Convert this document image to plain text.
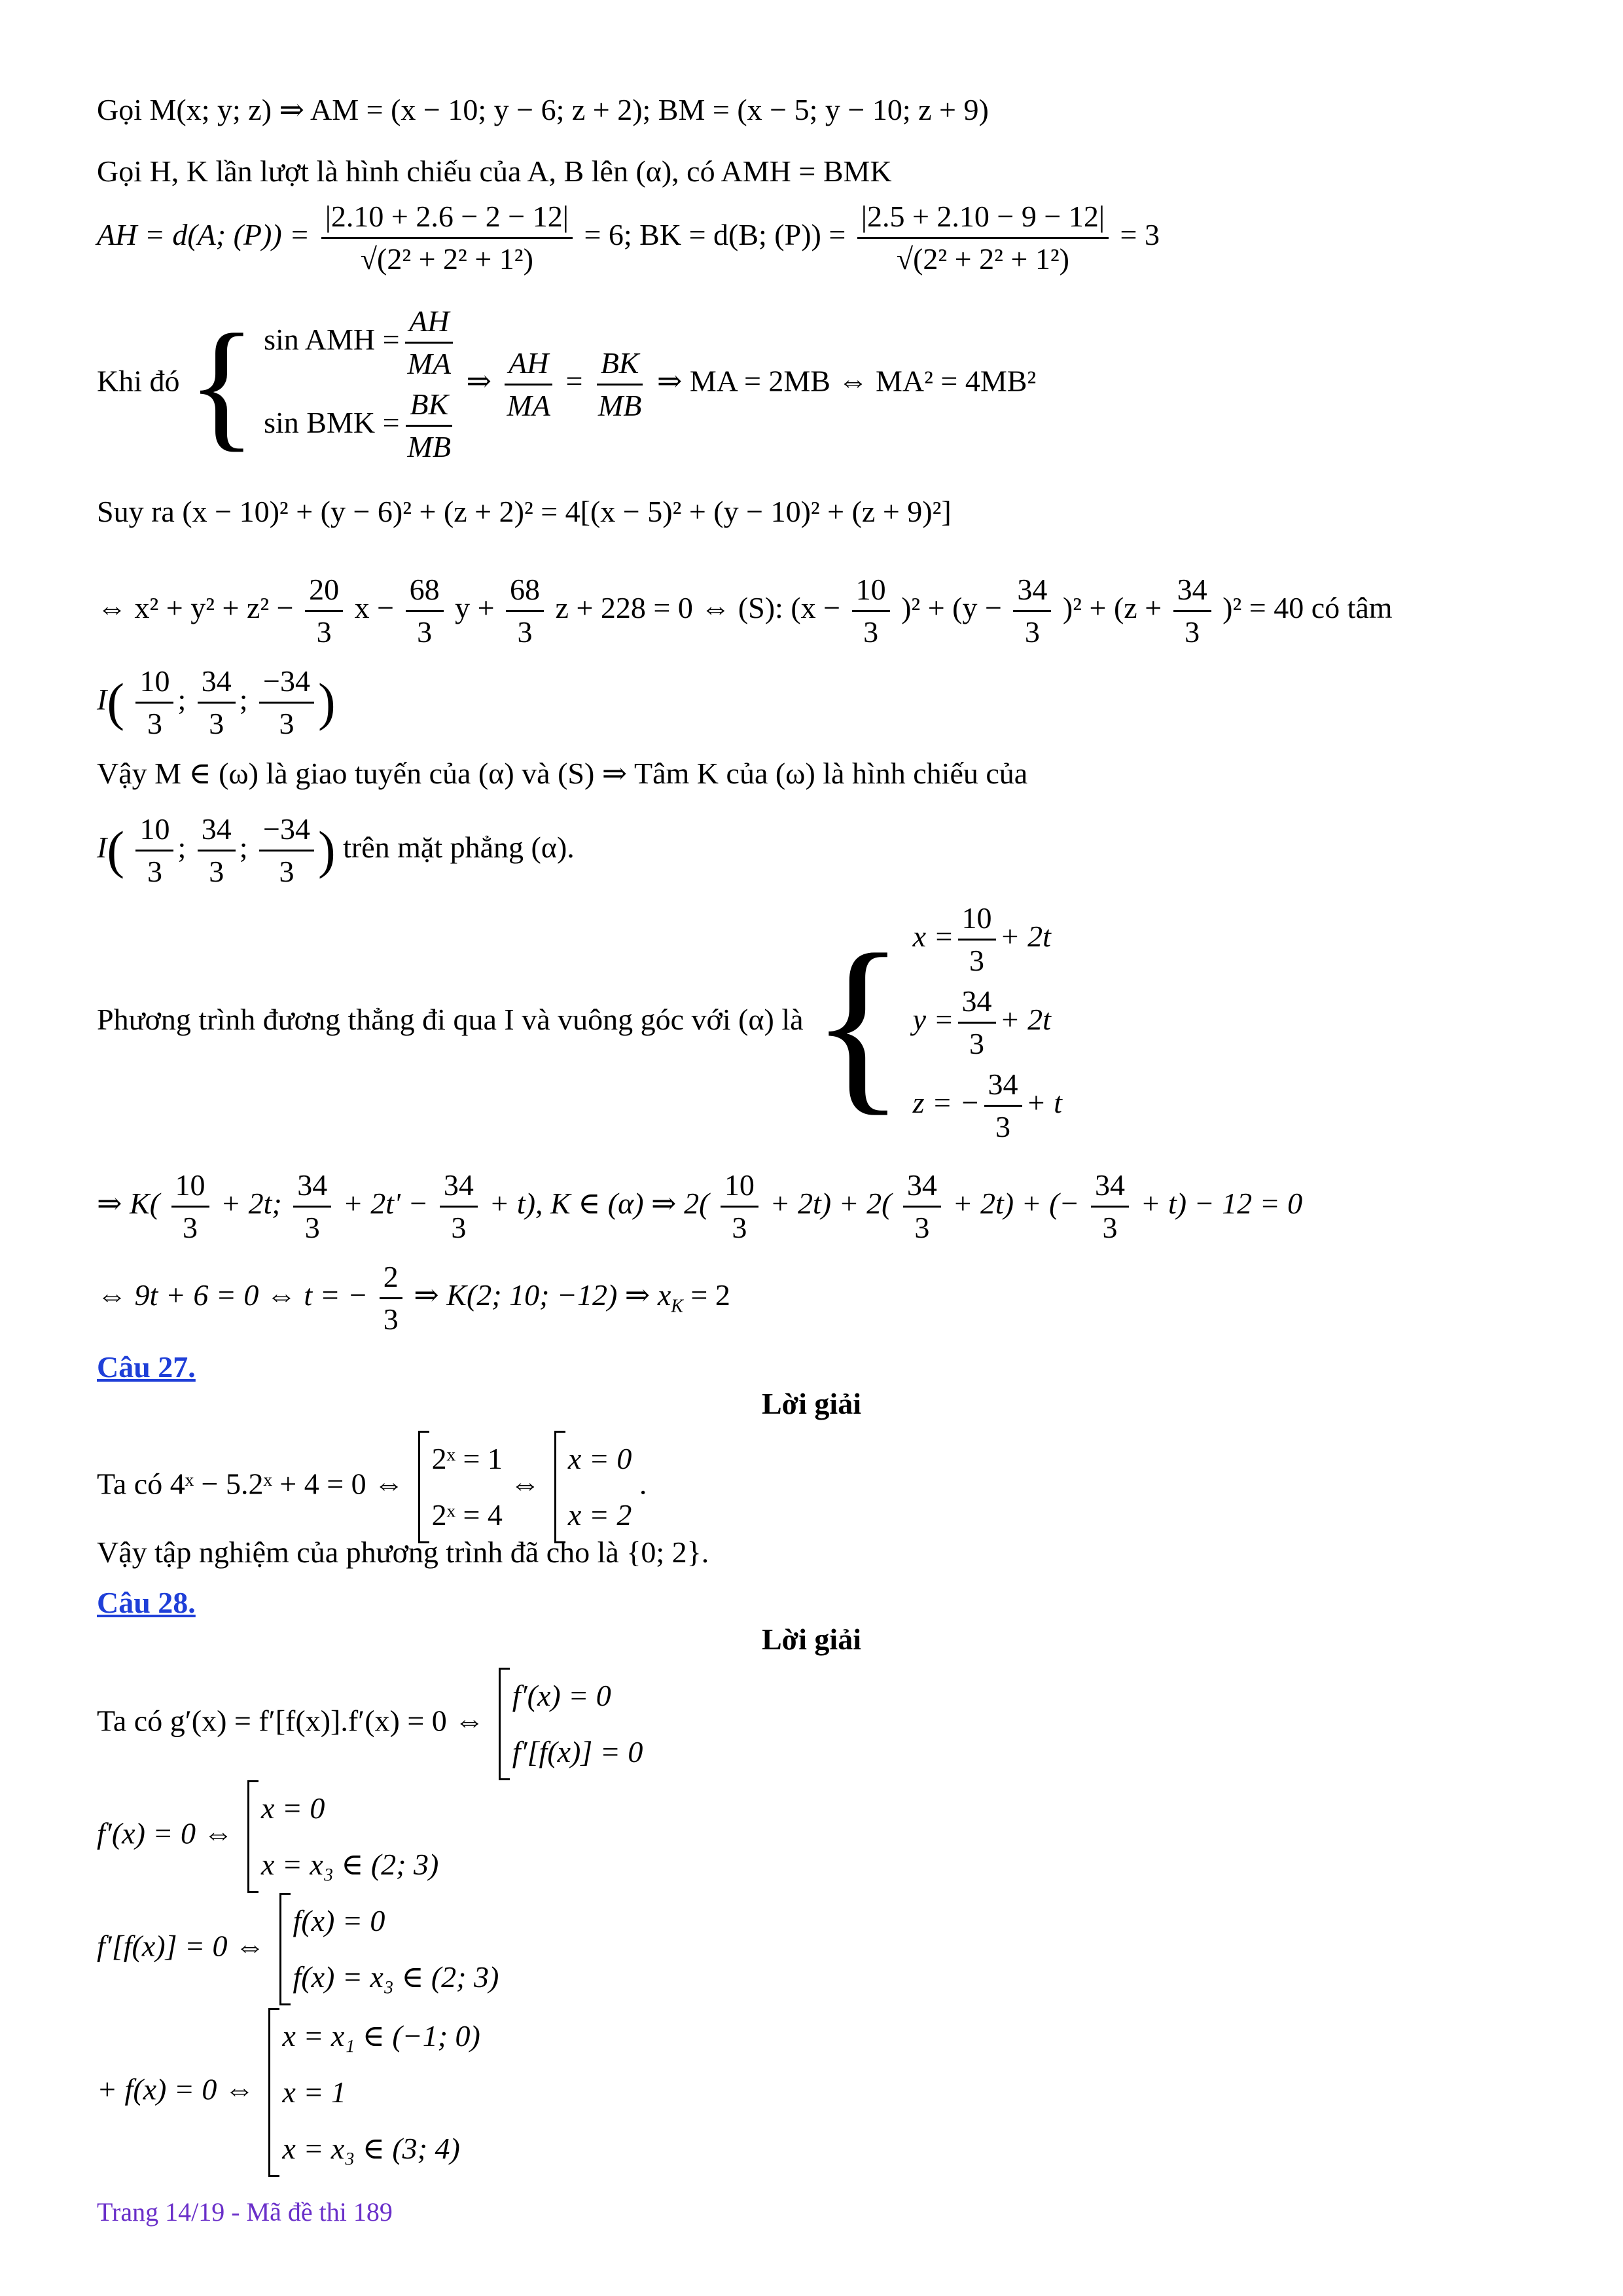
Gọi M(x; y; z) ⇒ AM = (x − 10; y − 6; z + 2); BM = (x − 5; y − 10; z + 9)
Gọi H, K lần lượt là hình chiếu của A, B lên (α), có AMH = BMK
AH = d(A; $(P)) = \frac{|2.10 + 2.6 - 2 - 12|}{\text{√(2² + 2² + 1²)}} = 6$; BK = d(B; $(P)) = \frac{|2.5 + 2.10 - 9 - 12|}{\text{√(2² + 2² + 1²)}} = 3$
Khi đó { sin AMH = $\frac{AH}{MA}$
sin BMK = $\frac{BK}{MB}$
⇒ $\frac{AH}{MA} = \frac{BK}{MB}$ ⇒ MA = 2MB ⇔ MA² = 4MB²
Suy ra (x − 10)² + (y − 6)² + (z + 2)² = 4[(x − 5)² + (y − 10)² + (z + 9)²]
⇔ $x^2 + y^2 + z^2 - \frac{20}{3}$ $x - \frac{68}{3}$ $y + \frac{68}{3}$ z + 228 = 0 ⇔ (S): $(x - \frac{10}{3} )^2 + (y - \frac{34}{3} )^2 + (z + \frac{34}{3} )^2 = 40$ có tâm
$I( \frac{10}{3}$ ; $\frac{34}{3}$ ; $\frac{-34}{3}$ )
Vậy M ∈ (ω) là giao tuyến của (α) và (S) ⇒ Tâm K của (ω) là hình chiếu của
$I( \frac{10}{3}$ ; $\frac{34}{3}$ ; $\frac{-34}{3}$ ) trên mặt phẳng (α).
Phương trình đương thẳng đi qua I và vuông góc với (α) là { $x = \frac{10}{3} + 2t$
$y = \frac{34}{3} + 2t$
z = − $\frac{34}{3} + t$
⇒ $K( \frac{10}{3} + 2t$; $\frac{34}{3} + 2t' - \frac{34}{3} + t$), K ∈ (α) ⇒ $2( \frac{10}{3} + 2t) + 2( \frac{34}{3} + 2t)$ + (− $\frac{34}{3} + t) - 12 = 0$
⇔ 9t + 6 = 0 ⇔ t = − $\frac{2}{3}$ ⇒ K(2; 10; −12) ⇒ $x_K = 2$
Câu 27.
Lời giải
Ta có 4ˣ − 5.2ˣ + 4 = 0 ⇔
2ˣ = 1
2ˣ = 4
⇔
x = 0
x = 2
.
Vậy tập nghiệm của phương trình đã cho là {0; 2}.
Câu 28.
Lời giải
Ta có g′(x) = f′[f(x)].f′(x) = 0 ⇔
f′(x) = 0
f′[f(x)] = 0
f′(x) = 0 ⇔
x = 0
x = x₃ ∈ (2; 3)
f′[f(x)] = 0 ⇔
f(x) = 0
f(x) = x₃ ∈ (2; 3)
+ f(x) = 0 ⇔
x = x₁ ∈ (−1; 0)
x = 1
x = x₃ ∈ (3; 4)
Trang 14/19 - Mã đề thi 189
